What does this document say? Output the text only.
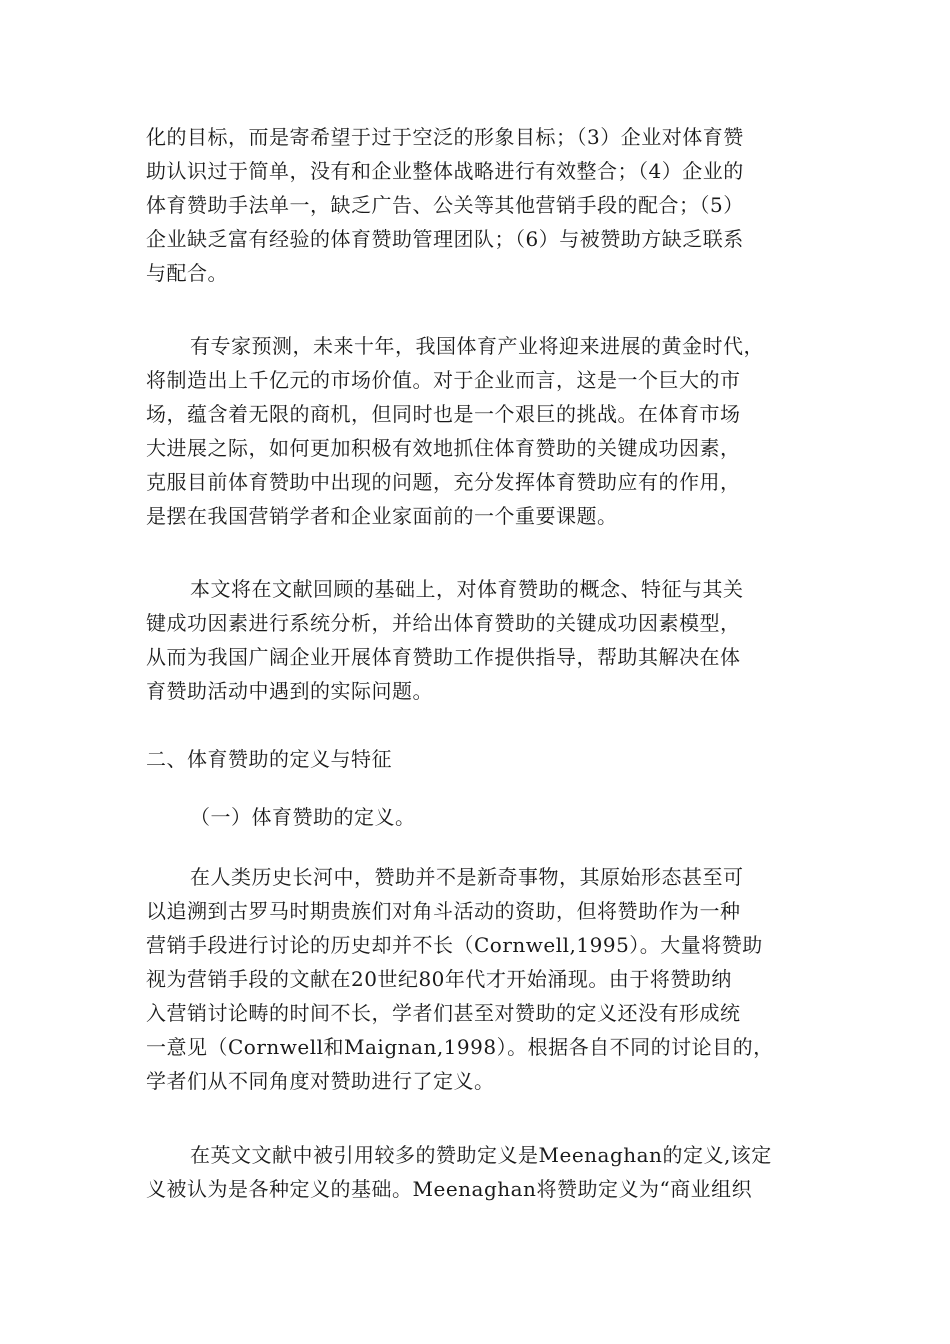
化的目标，而是寄希望于过于空泛的形象目标；（3）企业对体育赞
助认识过于简单，没有和企业整体战略进行有效整合；（4）企业的
体育赞助手法单一，缺乏广告、公关等其他营销手段的配合；（5）
企业缺乏富有经验的体育赞助管理团队；（6）与被赞助方缺乏联系
与配合。
有专家预测，未来十年，我国体育产业将迎来进展的黄金时代，
将制造出上千亿元的市场价值。对于企业而言，这是一个巨大的市
场，蕴含着无限的商机，但同时也是一个艰巨的挑战。在体育市场
大进展之际，如何更加积极有效地抓住体育赞助的关键成功因素，
克服目前体育赞助中出现的问题，充分发挥体育赞助应有的作用，
是摆在我国营销学者和企业家面前的一个重要课题。
本文将在文献回顾的基础上，对体育赞助的概念、特征与其关
键成功因素进行系统分析，并给出体育赞助的关键成功因素模型，
从而为我国广阔企业开展体育赞助工作提供指导，帮助其解决在体
育赞助活动中遇到的实际问题。
二、体育赞助的定义与特征
（一）体育赞助的定义。
在人类历史长河中，赞助并不是新奇事物，其原始形态甚至可
以追溯到古罗马时期贵族们对角斗活动的资助，但将赞助作为一种
营销手段进行讨论的历史却并不长（Cornwell,1995）。大量将赞助
视为营销手段的文献在20世纪80年代才开始涌现。由于将赞助纳
入营销讨论畴的时间不长，学者们甚至对赞助的定义还没有形成统
一意见（Cornwell和Maignan,1998）。根据各自不同的讨论目的，
学者们从不同角度对赞助进行了定义。
在英文文献中被引用较多的赞助定义是Meenaghan的定义,该定
义被认为是各种定义的基础。Meenaghan将赞助定义为“商业组织
